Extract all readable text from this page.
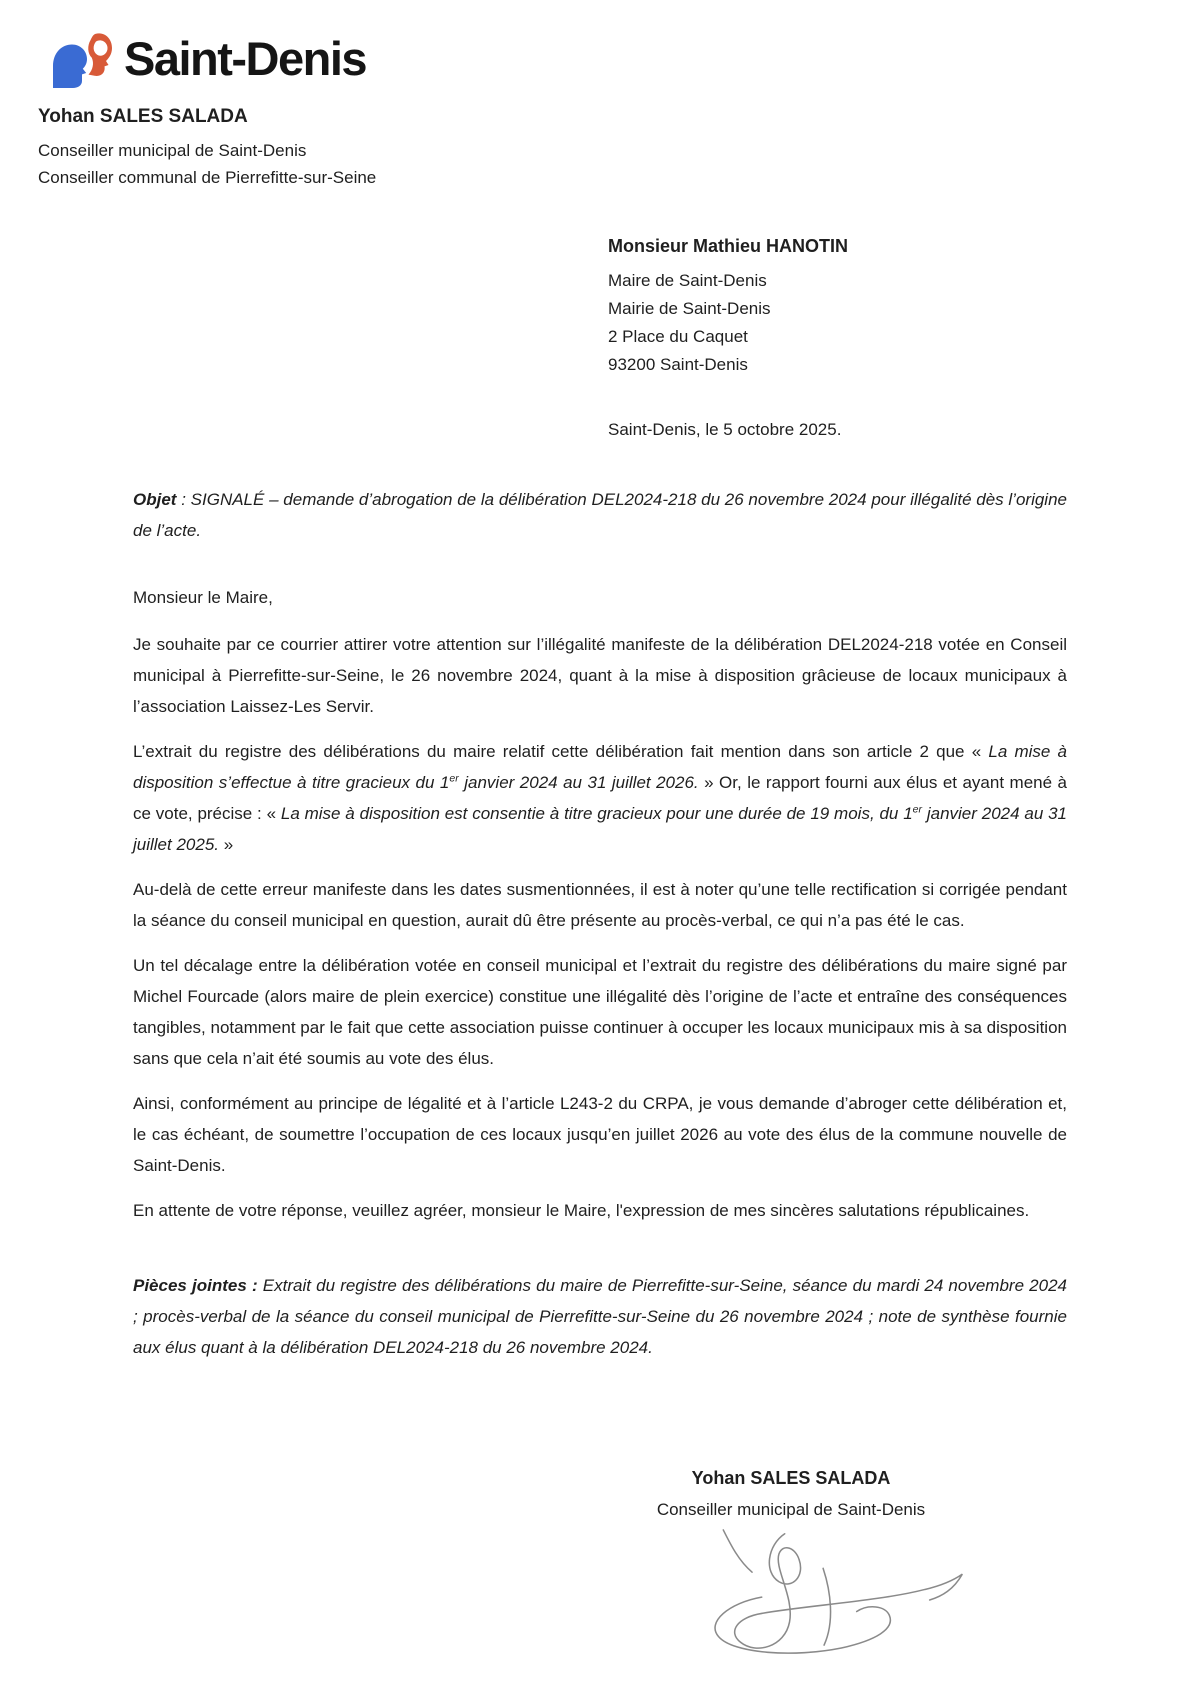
Saint-Denis
Yohan SALES SALADA
Conseiller municipal de Saint-Denis
Conseiller communal de Pierrefitte-sur-Seine
Monsieur Mathieu HANOTIN
Maire de Saint-Denis
Mairie de Saint-Denis
2 Place du Caquet
93200 Saint-Denis
Saint-Denis, le 5 octobre 2025.

Objet : SIGNALÉ – demande d’abrogation de la délibération DEL2024-218 du 26 novembre 2024 pour illégalité dès l’origine de l’acte.

Monsieur le Maire,

Je souhaite par ce courrier attirer votre attention sur l’illégalité manifeste de la délibération DEL2024-218 votée en Conseil municipal à Pierrefitte-sur-Seine, le 26 novembre 2024, quant à la mise à disposition grâcieuse de locaux municipaux à l’association Laissez-Les Servir.

L’extrait du registre des délibérations du maire relatif cette délibération fait mention dans son article 2 que « La mise à disposition s’effectue à titre gracieux du 1er janvier 2024 au 31 juillet 2026. » Or, le rapport fourni aux élus et ayant mené à ce vote, précise : « La mise à disposition est consentie à titre gracieux pour une durée de 19 mois, du 1er janvier 2024 au 31 juillet 2025. »

Au-delà de cette erreur manifeste dans les dates susmentionnées, il est à noter qu’une telle rectification si corrigée pendant la séance du conseil municipal en question, aurait dû être présente au procès-verbal, ce qui n’a pas été le cas.

Un tel décalage entre la délibération votée en conseil municipal et l’extrait du registre des délibérations du maire signé par Michel Fourcade (alors maire de plein exercice) constitue une illégalité dès l’origine de l’acte et entraîne des conséquences tangibles, notamment par le fait que cette association puisse continuer à occuper les locaux municipaux mis à sa disposition sans que cela n’ait été soumis au vote des élus.

Ainsi, conformément au principe de légalité et à l’article L243-2 du CRPA, je vous demande d’abroger cette délibération et, le cas échéant, de soumettre l’occupation de ces locaux jusqu’en juillet 2026 au vote des élus de la commune nouvelle de Saint-Denis.

En attente de votre réponse, veuillez agréer, monsieur le Maire, l'expression de mes sincères salutations républicaines.

Pièces jointes : Extrait du registre des délibérations du maire de Pierrefitte-sur-Seine, séance du mardi 24 novembre 2024 ; procès-verbal de la séance du conseil municipal de Pierrefitte-sur-Seine du 26 novembre 2024 ; note de synthèse fournie aux élus quant à la délibération DEL2024-218 du 26 novembre 2024.

Yohan SALES SALADA
Conseiller municipal de Saint-Denis
